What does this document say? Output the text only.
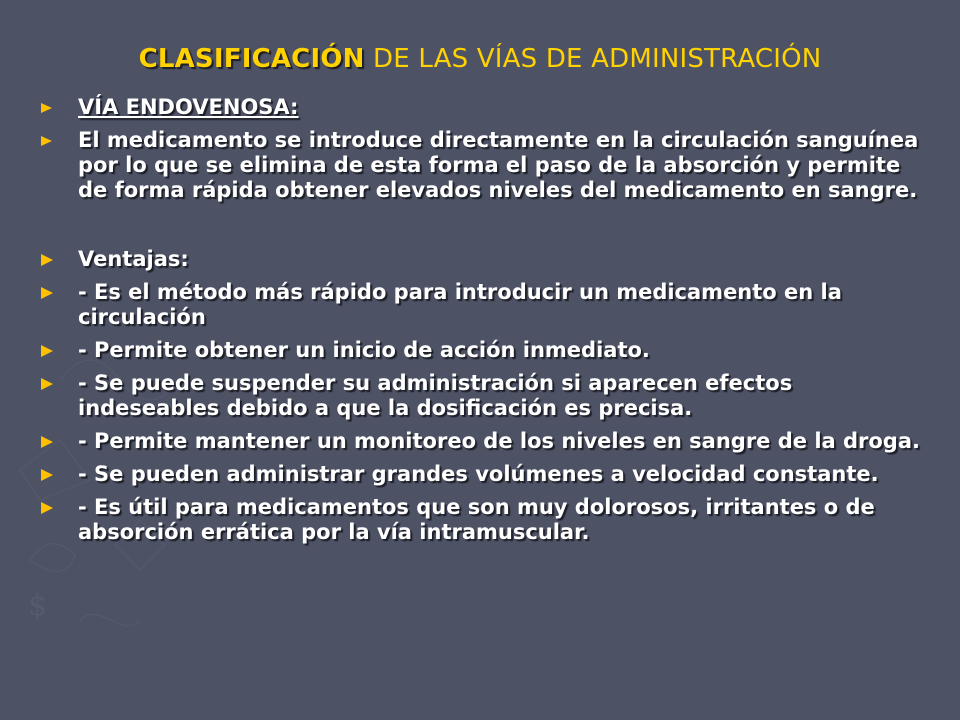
$
CLASIFICACIÓN DE LAS VÍAS DE ADMINISTRACIÓN
VÍA ENDOVENOSA:
El medicamento se introduce directamente en la circulación sanguínea por lo que se elimina de esta forma el paso de la absorción y permite de forma rápida obtener elevados niveles del medicamento en sangre.
Ventajas:
- Es el método más rápido para introducir un medicamento en la circulación
- Permite obtener un inicio de acción inmediato.
- Se puede suspender su administración si aparecen efectos indeseables debido a que la dosificación es precisa.
- Permite mantener un monitoreo de los niveles en sangre de la droga.
- Se pueden administrar grandes volúmenes a velocidad constante.
- Es útil para medicamentos que son muy dolorosos, irritantes o de absorción errática por la vía intramuscular.
